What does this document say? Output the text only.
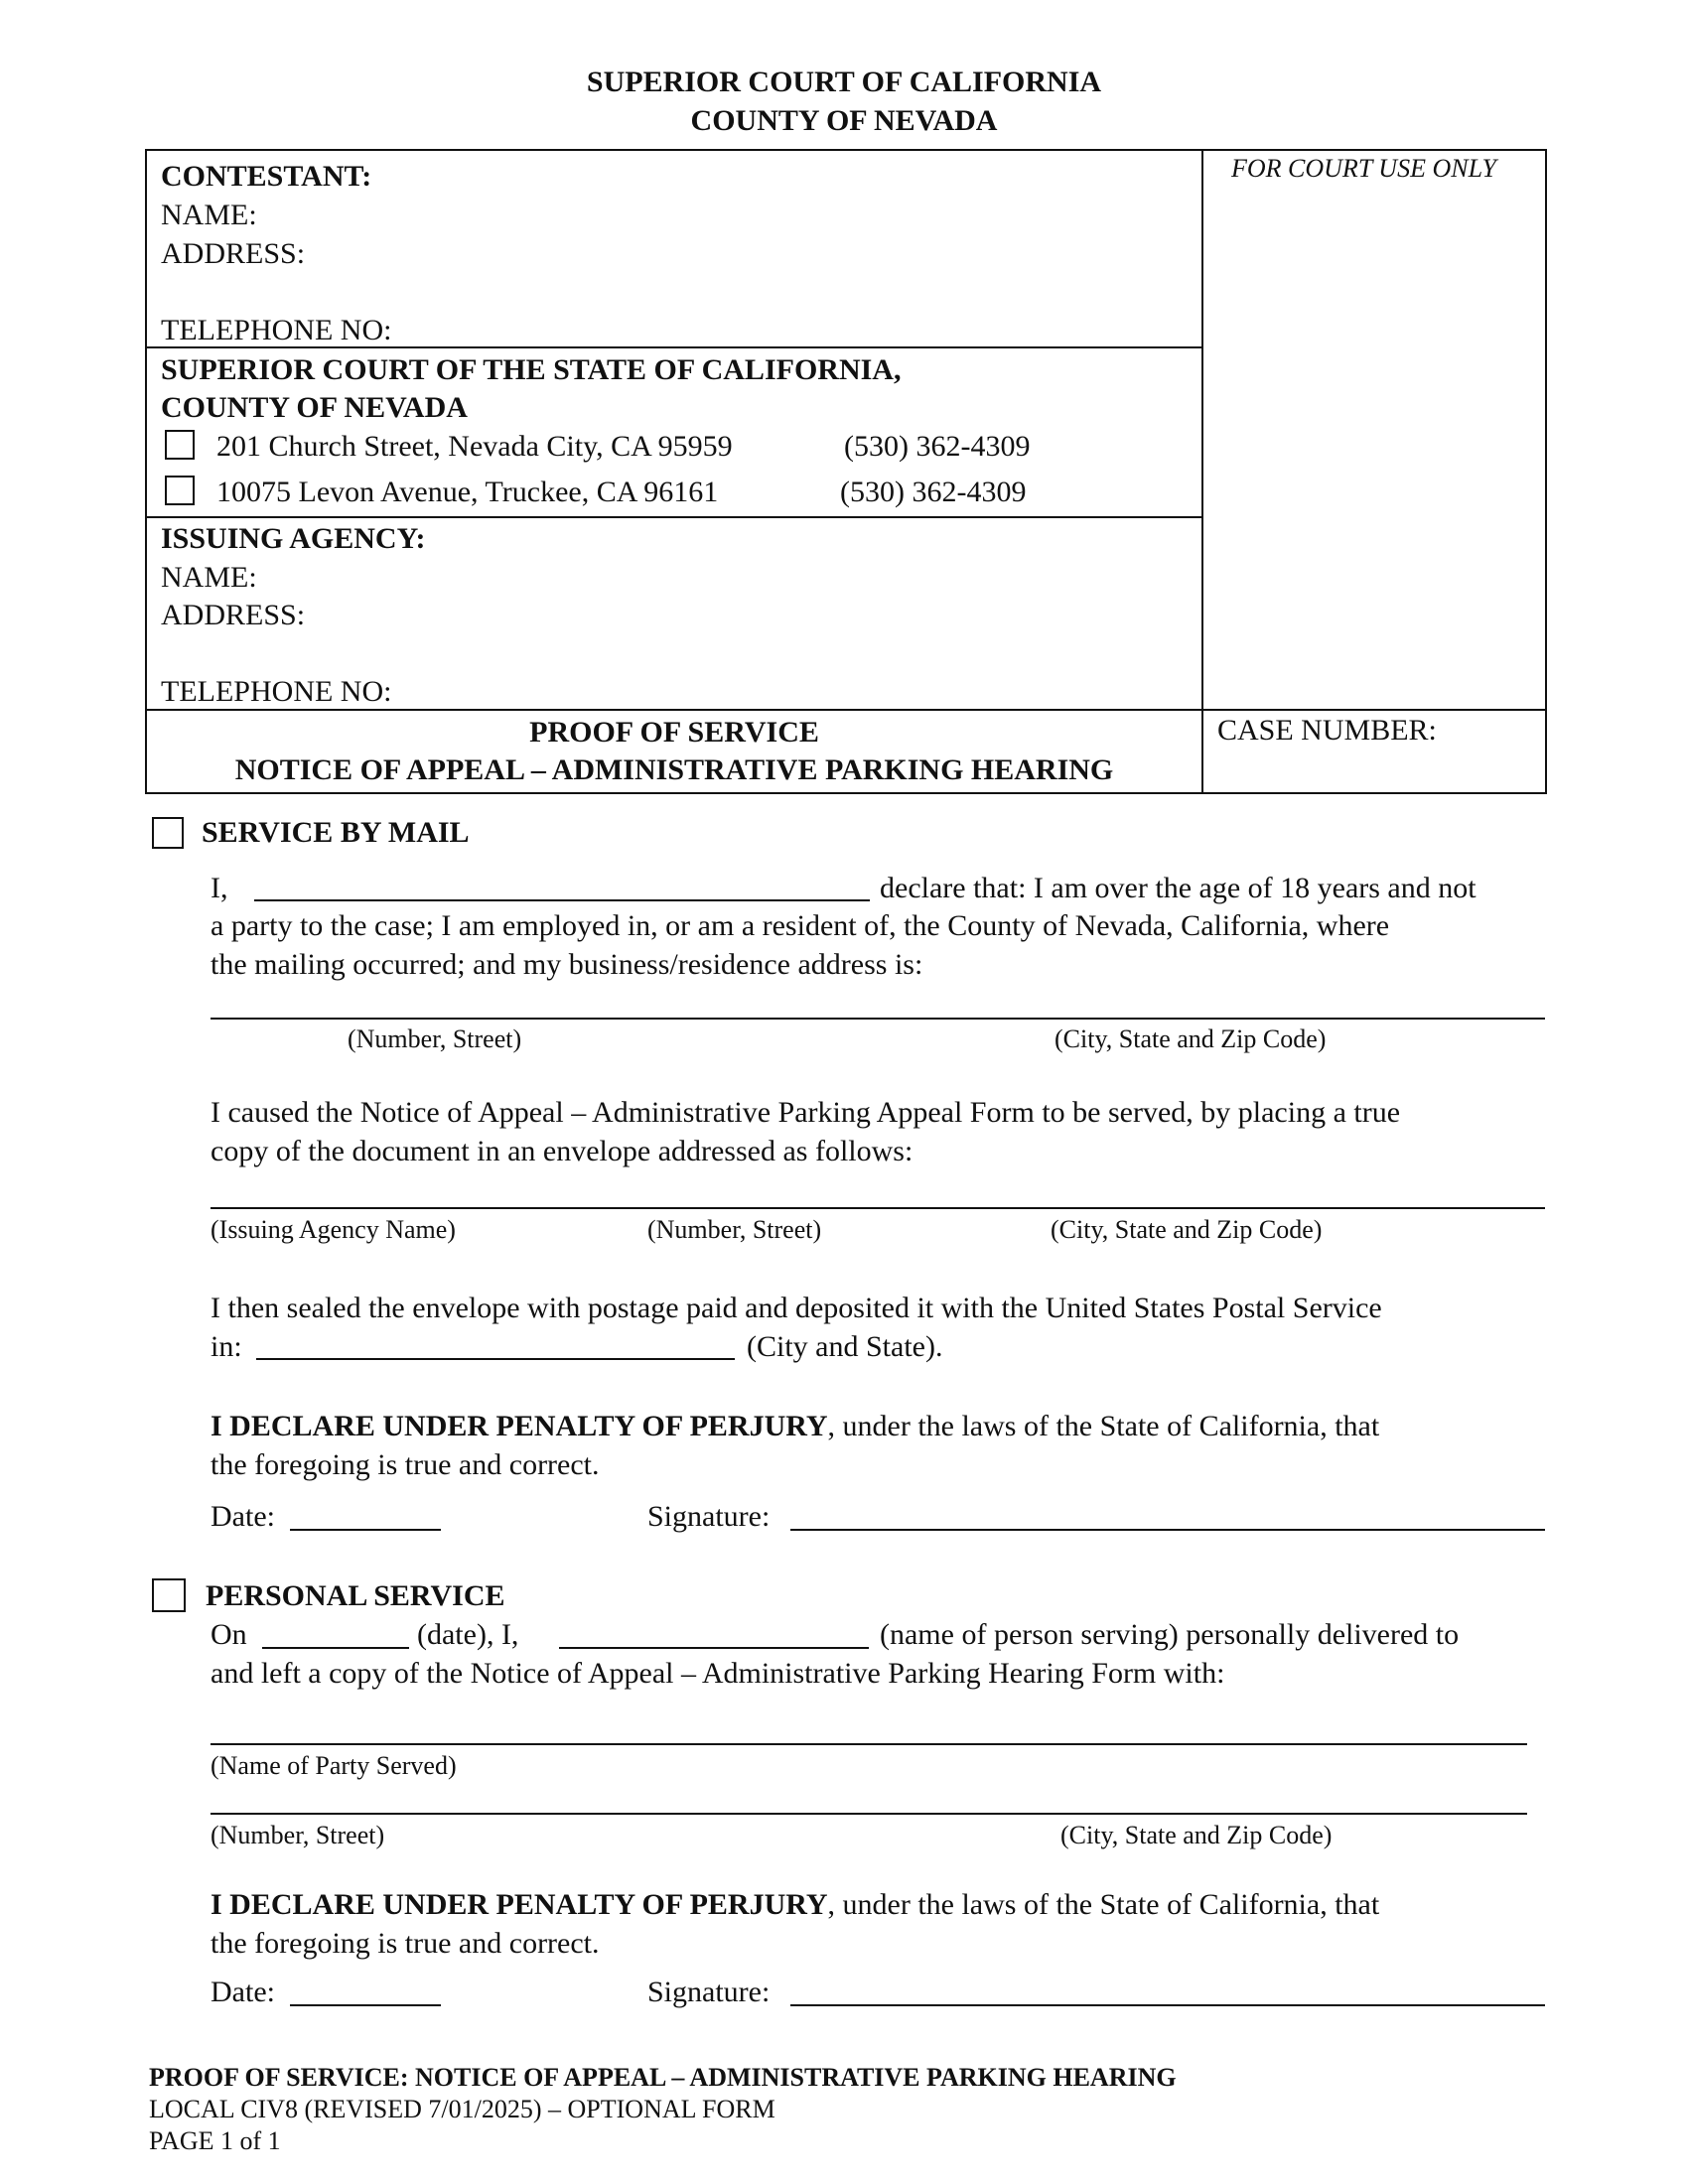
SUPERIOR COURT OF CALIFORNIA
COUNTY OF NEVADA
CONTESTANT:
NAME:
ADDRESS:
TELEPHONE NO:
FOR COURT USE ONLY
SUPERIOR COURT OF THE STATE OF CALIFORNIA,
COUNTY OF NEVADA
201 Church Street, Nevada City, CA 95959	(530) 362-4309
10075 Levon Avenue, Truckee, CA 96161	(530) 362-4309
ISSUING AGENCY:
NAME:
ADDRESS:
TELEPHONE NO:
PROOF OF SERVICE
NOTICE OF APPEAL – ADMINISTRATIVE PARKING HEARING
CASE NUMBER:
SERVICE BY MAIL
I,	declare that: I am over the age of 18 years and not
a party to the case; I am employed in, or am a resident of, the County of Nevada, California, where
the mailing occurred; and my business/residence address is:
(Number, Street)	(City, State and Zip Code)
I caused the Notice of Appeal – Administrative Parking Appeal Form to be served, by placing a true
copy of the document in an envelope addressed as follows:
(Issuing Agency Name)	(Number, Street)	(City, State and Zip Code)
I then sealed the envelope with postage paid and deposited it with the United States Postal Service
in:	(City and State).
I DECLARE UNDER PENALTY OF PERJURY, under the laws of the State of California, that
the foregoing is true and correct.
Date:	Signature:
PERSONAL SERVICE
On	(date), I,	(name of person serving) personally delivered to
and left a copy of the Notice of Appeal – Administrative Parking Hearing Form with:
(Name of Party Served)
(Number, Street)	(City, State and Zip Code)
I DECLARE UNDER PENALTY OF PERJURY, under the laws of the State of California, that
the foregoing is true and correct.
Date:	Signature:
PROOF OF SERVICE: NOTICE OF APPEAL – ADMINISTRATIVE PARKING HEARING
LOCAL CIV8 (REVISED 7/01/2025) – OPTIONAL FORM
PAGE 1 of 1
